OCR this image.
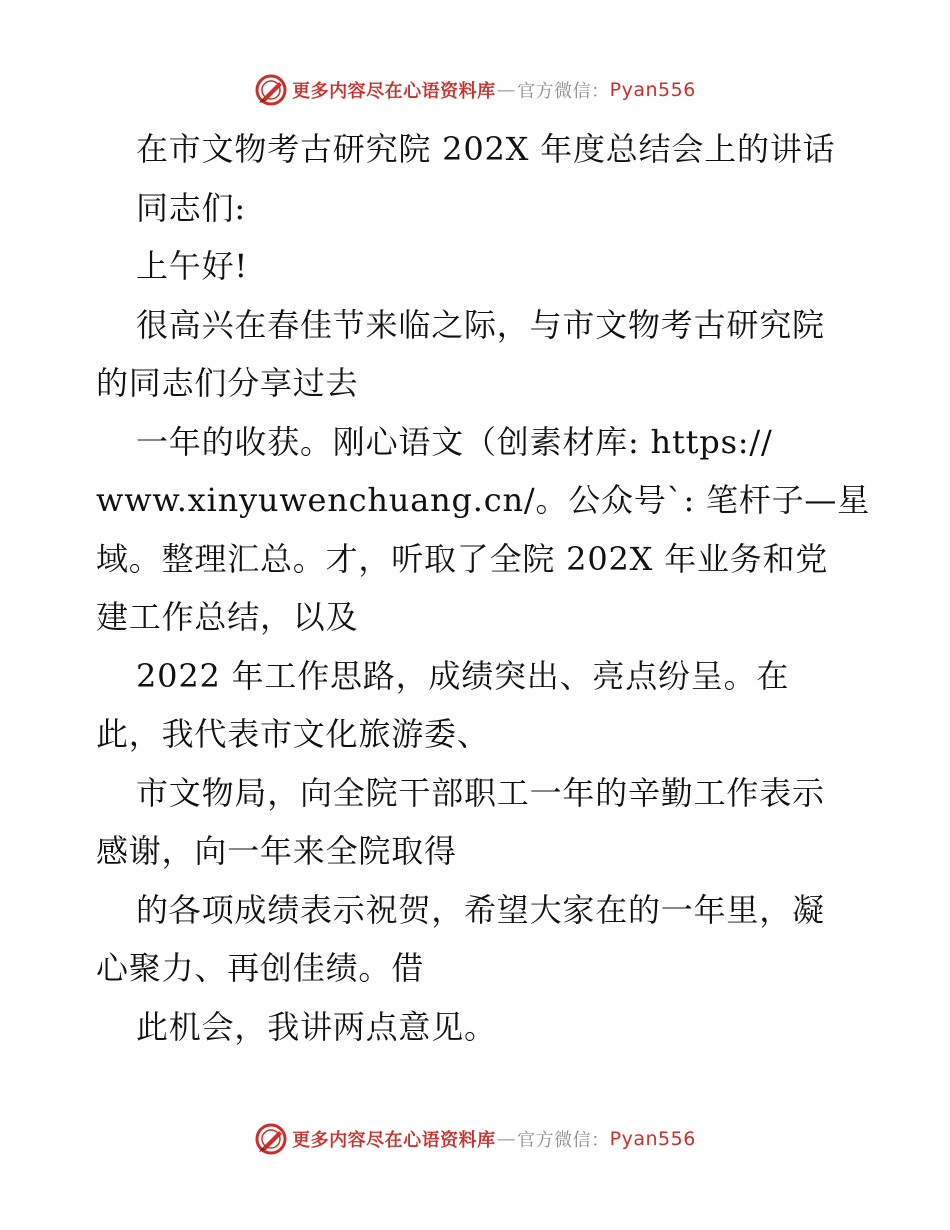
更多内容尽在心语资料库 — 官方微信： Pyan556
在市文物考古研究院 202X 年度总结会上的讲话
同志们:
上午好!
很高兴在春佳节来临之际，与市文物考古研究院
的同志们分享过去
一年的收获。刚心语文（创素材库: https://
www.xinyuwenchuang.cn/。公众号`: 笔杆子—星
域。整理汇总。才，听取了全院 202X 年业务和党
建工作总结，以及
2022 年工作思路，成绩突出、亮点纷呈。在
此，我代表市文化旅游委、
市文物局，向全院干部职工一年的辛勤工作表示
感谢，向一年来全院取得
的各项成绩表示祝贺，希望大家在的一年里，凝
心聚力、再创佳绩。借
此机会，我讲两点意见。
更多内容尽在心语资料库 — 官方微信： Pyan556
